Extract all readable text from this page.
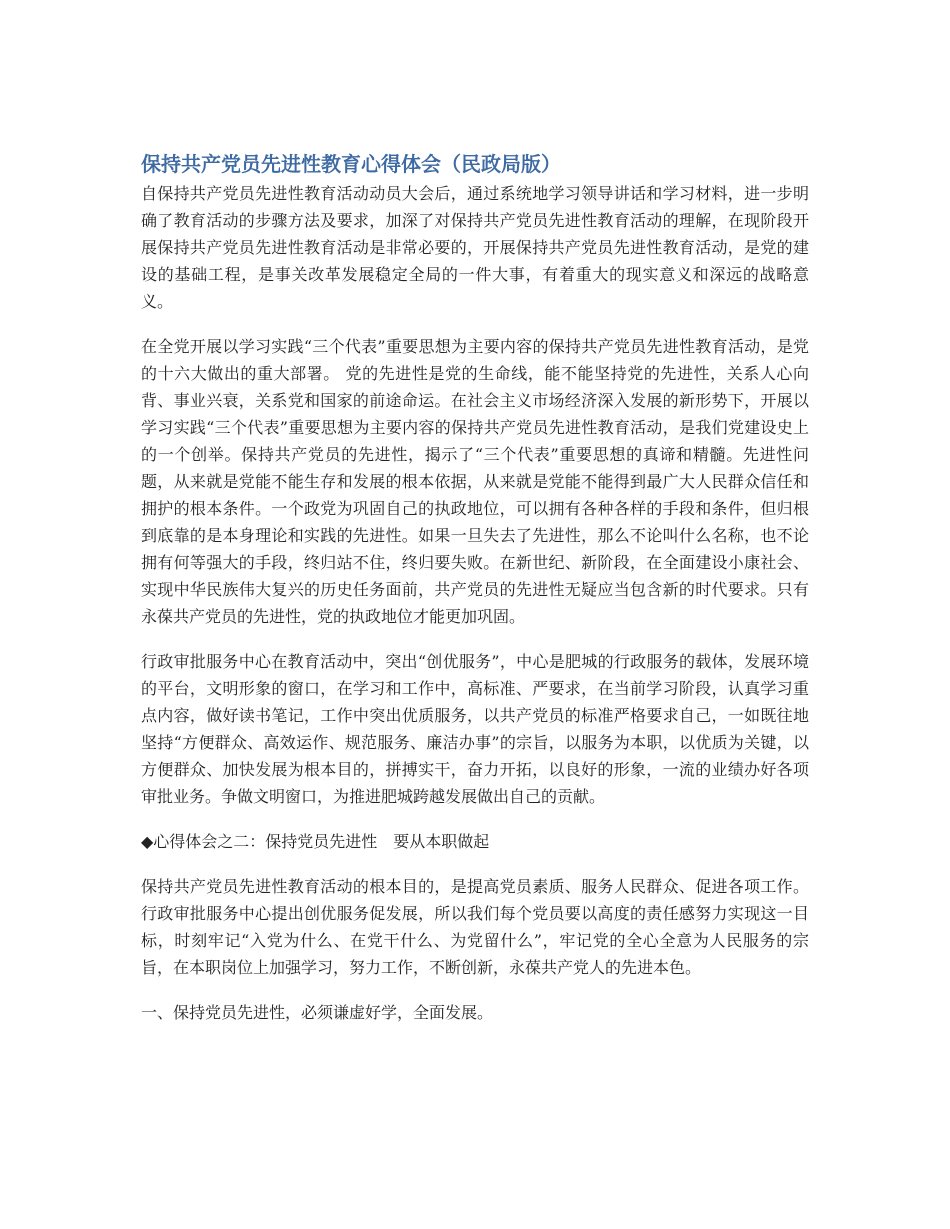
保持共产党员先进性教育心得体会（民政局版）

自保持共产党员先进性教育活动动员大会后，通过系统地学习领导讲话和学习材料，进一步明确了教育活动的步骤方法及要求，加深了对保持共产党员先进性教育活动的理解，在现阶段开展保持共产党员先进性教育活动是非常必要的，开展保持共产党员先进性教育活动，是党的建设的基础工程，是事关改革发展稳定全局的一件大事，有着重大的现实意义和深远的战略意义。

在全党开展以学习实践“三个代表”重要思想为主要内容的保持共产党员先进性教育活动，是党的十六大做出的重大部署。 党的先进性是党的生命线，能不能坚持党的先进性，关系人心向背、事业兴衰，关系党和国家的前途命运。在社会主义市场经济深入发展的新形势下，开展以学习实践“三个代表”重要思想为主要内容的保持共产党员先进性教育活动，是我们党建设史上的一个创举。保持共产党员的先进性，揭示了“三个代表”重要思想的真谛和精髓。先进性问题，从来就是党能不能生存和发展的根本依据，从来就是党能不能得到最广大人民群众信任和拥护的根本条件。一个政党为巩固自己的执政地位，可以拥有各种各样的手段和条件，但归根到底靠的是本身理论和实践的先进性。如果一旦失去了先进性，那么不论叫什么名称，也不论拥有何等强大的手段，终归站不住，终归要失败。在新世纪、新阶段，在全面建设小康社会、实现中华民族伟大复兴的历史任务面前，共产党员的先进性无疑应当包含新的时代要求。只有永葆共产党员的先进性，党的执政地位才能更加巩固。

行政审批服务中心在教育活动中，突出“创优服务”，中心是肥城的行政服务的载体，发展环境的平台，文明形象的窗口，在学习和工作中，高标准、严要求，在当前学习阶段，认真学习重点内容，做好读书笔记，工作中突出优质服务，以共产党员的标准严格要求自己，一如既往地坚持“方便群众、高效运作、规范服务、廉洁办事”的宗旨，以服务为本职，以优质为关键，以方便群众、加快发展为根本目的，拼搏实干，奋力开拓，以良好的形象，一流的业绩办好各项审批业务。争做文明窗口，为推进肥城跨越发展做出自己的贡献。

◆心得体会之二：保持党员先进性　要从本职做起

保持共产党员先进性教育活动的根本目的，是提高党员素质、服务人民群众、促进各项工作。行政审批服务中心提出创优服务促发展，所以我们每个党员要以高度的责任感努力实现这一目标，时刻牢记“入党为什么、在党干什么、为党留什么”，牢记党的全心全意为人民服务的宗旨，在本职岗位上加强学习，努力工作，不断创新，永葆共产党人的先进本色。

一、保持党员先进性，必须谦虚好学，全面发展。
